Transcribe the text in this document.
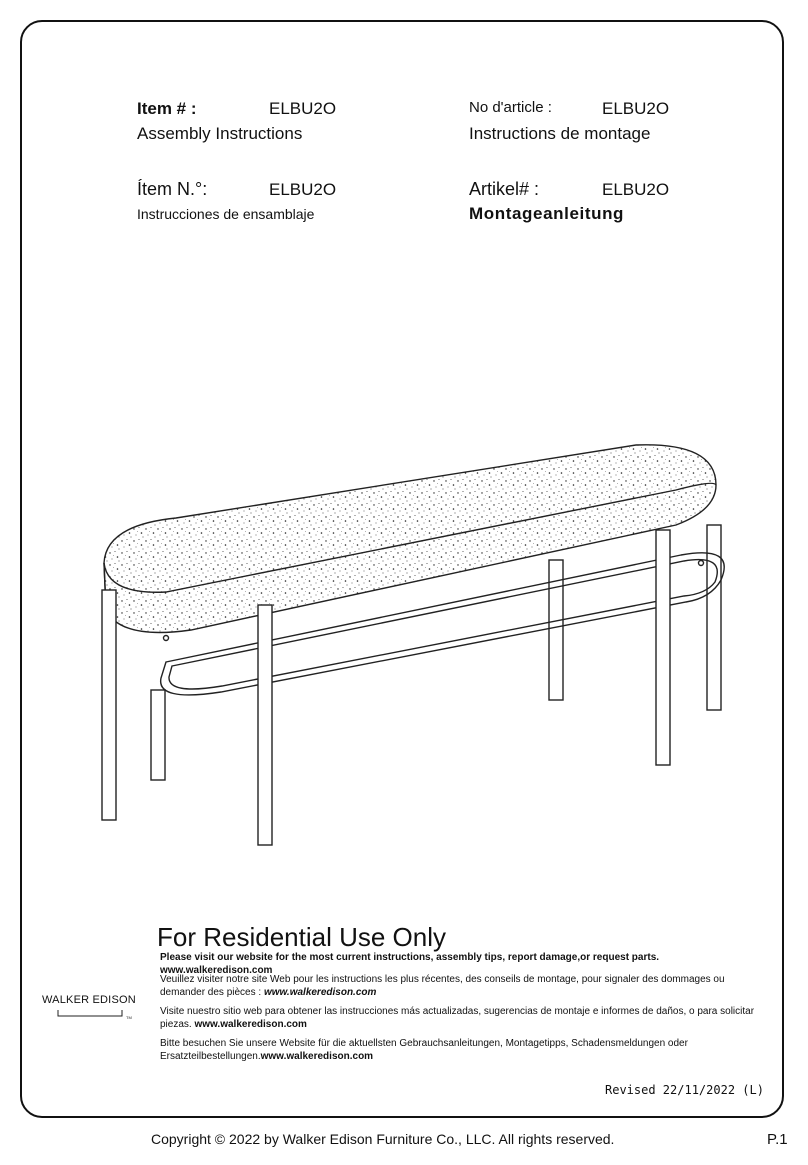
Item # :	ELBU2O
Assembly Instructions
No d'article :	ELBU2O
Instructions de montage
Ítem N.°:	ELBU2O
Instrucciones de ensamblaje
Artikel# :	ELBU2O
Montageanleitung
For Residential Use Only
Please visit our website for the most current instructions, assembly tips, report damage,or request parts.   www.walkeredison.com
Veuillez visiter notre site Web pour les instructions les plus récentes, des conseils de montage, pour signaler des dommages ou demander des pièces : www.walkeredison.com
Visite nuestro sitio web para obtener las instrucciones más actualizadas, sugerencias de montaje e informes de daños, o para solicitar piezas. www.walkeredison.com
Bitte besuchen Sie unsere Website für die aktuellsten Gebrauchsanleitungen, Montagetipps, Schadensmeldungen oder Ersatzteilbestellungen.www.walkeredison.com
TM
WALKER EDISON
Revised 22/11/2022 (L)
Copyright © 2022 by Walker Edison Furniture Co., LLC. All rights reserved.	P.1
